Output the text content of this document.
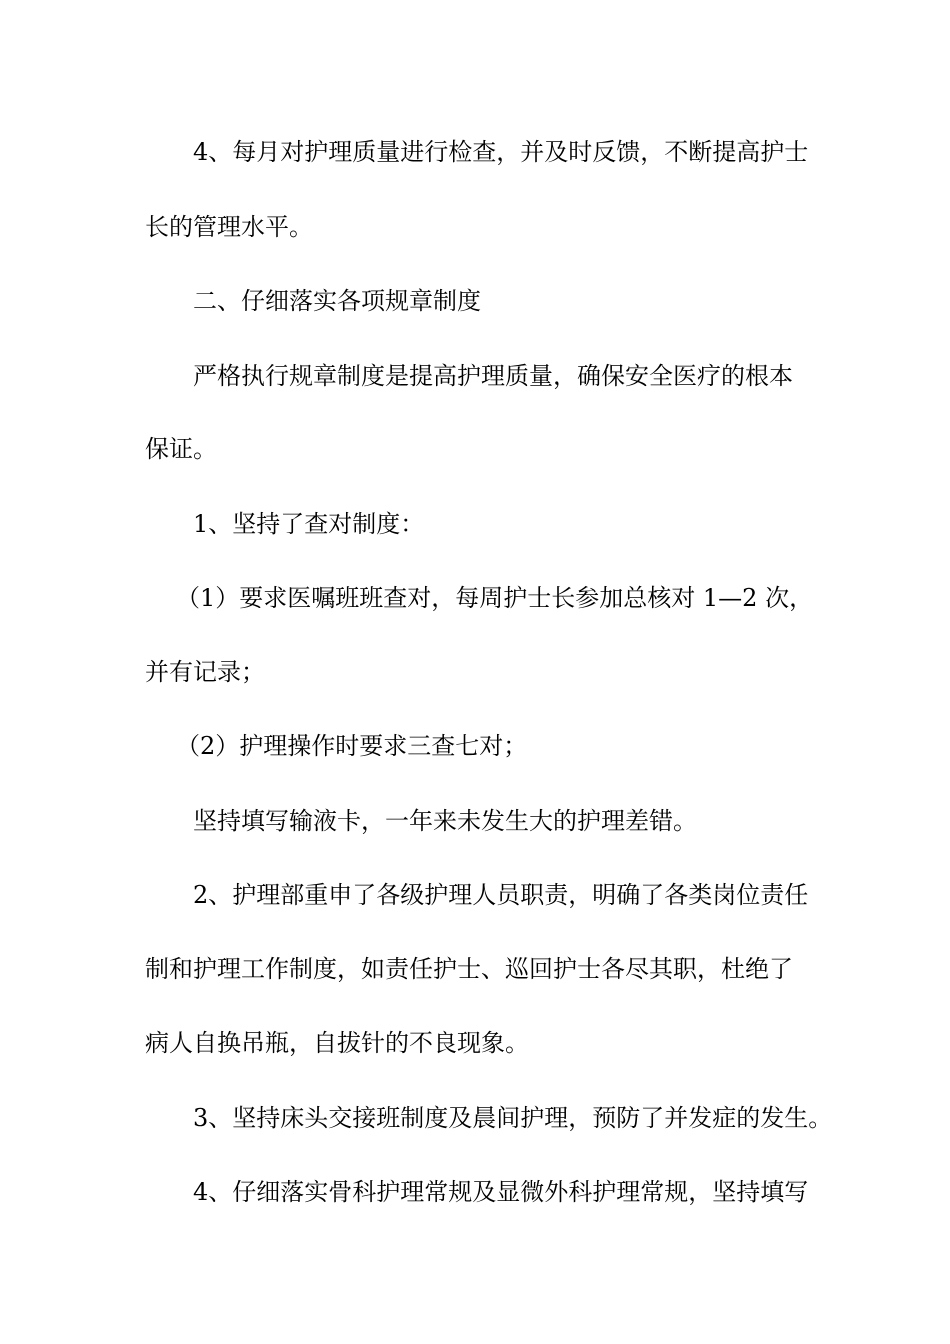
4、每月对护理质量进行检查，并及时反馈，不断提高护士

长的管理水平。

二、仔细落实各项规章制度

严格执行规章制度是提高护理质量，确保安全医疗的根本

保证。

1、坚持了查对制度：

（1）要求医嘱班班查对，每周护士长参加总核对 1—2 次，

并有记录；

（2）护理操作时要求三查七对；

坚持填写输液卡，一年来未发生大的护理差错。

2、护理部重申了各级护理人员职责，明确了各类岗位责任

制和护理工作制度，如责任护士、巡回护士各尽其职，杜绝了

病人自换吊瓶，自拔针的不良现象。

3、坚持床头交接班制度及晨间护理，预防了并发症的发生。

4、仔细落实骨科护理常规及显微外科护理常规，坚持填写
